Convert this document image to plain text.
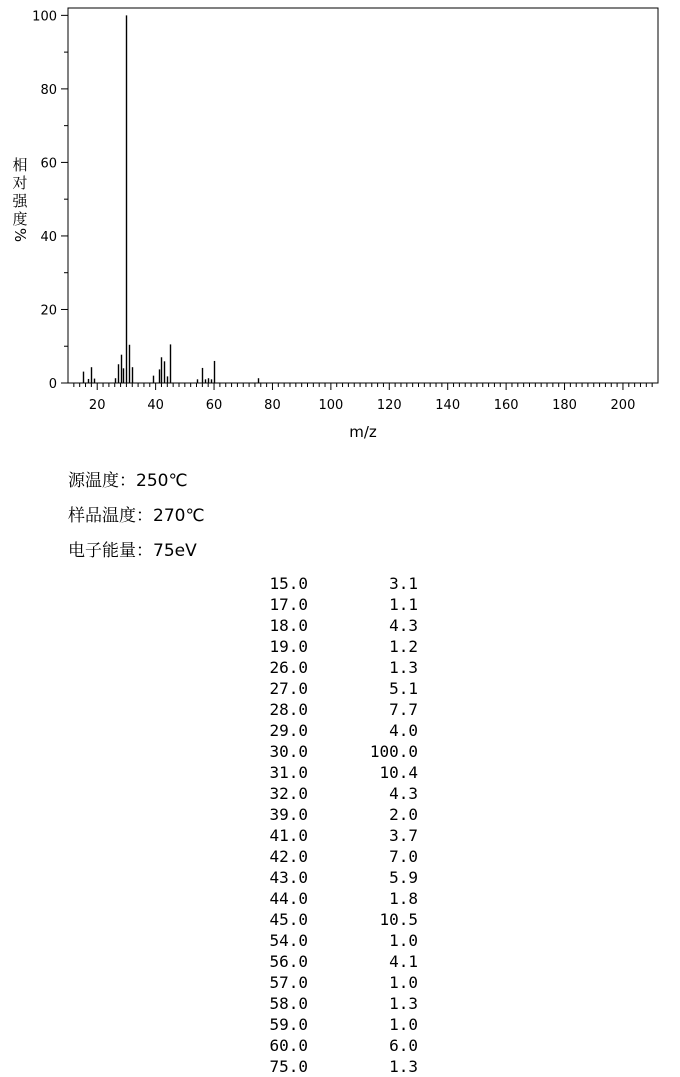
20	40	60	80	100	120	140	160	180	200
0
20
40
60
80
100
m/z
相
对
强
度
%
源温度：250℃
样品温度：270℃
电子能量：75eV
15.0	3.1
17.0	1.1
18.0	4.3
19.0	1.2
26.0	1.3
27.0	5.1
28.0	7.7
29.0	4.0
30.0	100.0
31.0	10.4
32.0	4.3
39.0	2.0
41.0	3.7
42.0	7.0
43.0	5.9
44.0	1.8
45.0	10.5
54.0	1.0
56.0	4.1
57.0	1.0
58.0	1.3
59.0	1.0
60.0	6.0
75.0	1.3
